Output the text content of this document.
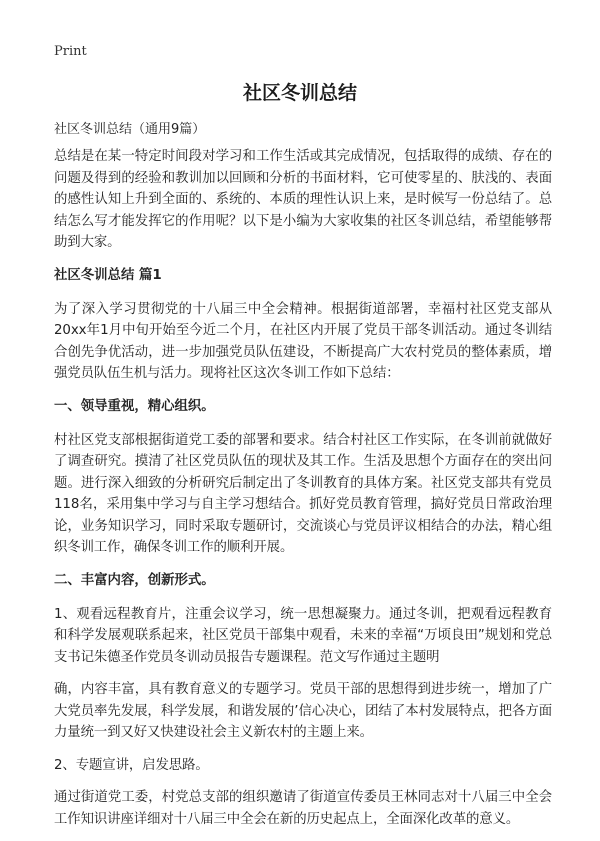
Print
社区冬训总结

社区冬训总结（通用9篇）

总结是在某一特定时间段对学习和工作生活或其完成情况，包括取得的成绩、存在的问题及得到的经验和教训加以回顾和分析的书面材料，它可使零星的、肤浅的、表面的感性认知上升到全面的、系统的、本质的理性认识上来，是时候写一份总结了。总结怎么写才能发挥它的作用呢？以下是小编为大家收集的社区冬训总结，希望能够帮助到大家。

社区冬训总结 篇1

为了深入学习贯彻党的十八届三中全会精神。根据街道部署，幸福村社区党支部从20xx年1月中旬开始至今近二个月，在社区内开展了党员干部冬训活动。通过冬训结合创先争优活动，进一步加强党员队伍建设，不断提高广大农村党员的整体素质，增强党员队伍生机与活力。现将社区这次冬训工作如下总结：

一、领导重视，精心组织。

村社区党支部根据街道党工委的部署和要求。结合村社区工作实际，在冬训前就做好了调查研究。摸清了社区党员队伍的现状及其工作。生活及思想个方面存在的突出问题。进行深入细致的分析研究后制定出了冬训教育的具体方案。社区党支部共有党员118名，采用集中学习与自主学习想结合。抓好党员教育管理，搞好党员日常政治理论，业务知识学习，同时采取专题研讨，交流谈心与党员评议相结合的办法，精心组织冬训工作，确保冬训工作的顺利开展。

二、丰富内容，创新形式。

1、观看远程教育片，注重会议学习，统一思想凝聚力。通过冬训，把观看远程教育和科学发展观联系起来，社区党员干部集中观看，未来的幸福“万顷良田”规划和党总支书记朱德圣作党员冬训动员报告专题课程。范文写作通过主题明

确，内容丰富，具有教育意义的专题学习。党员干部的思想得到进步统一，增加了广大党员率先发展，科学发展，和谐发展的’信心决心，团结了本村发展特点，把各方面力量统一到又好又快建设社会主义新农村的主题上来。

2、专题宣讲，启发思路。

通过街道党工委，村党总支部的组织邀请了街道宣传委员王林同志对十八届三中全会工作知识讲座详细对十八届三中全会在新的历史起点上，全面深化改革的意义。
